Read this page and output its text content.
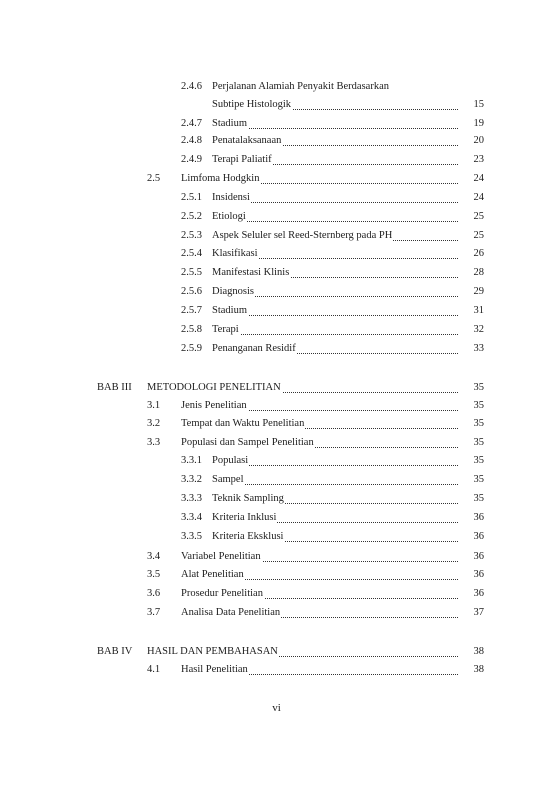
2.4.6 Perjalanan Alamiah Penyakit Berdasarkan
Subtipe Histologik	15
2.4.7 Stadium	19
2.4.8 Penatalaksanaan	20
2.4.9 Terapi Paliatif	23
2.5 Limfoma Hodgkin	24
2.5.1 Insidensi	24
2.5.2 Etiologi	25
2.5.3 Aspek Seluler sel Reed-Sternberg pada PH	25
2.5.4 Klasifikasi	26
2.5.5 Manifestasi Klinis	28
2.5.6 Diagnosis	29
2.5.7 Stadium	31
2.5.8 Terapi	32
2.5.9 Penanganan Residif	33
BAB III METODOLOGI PENELITIAN	35
3.1 Jenis Penelitian	35
3.2 Tempat dan Waktu Penelitian	35
3.3 Populasi dan Sampel Penelitian	35
3.3.1 Populasi	35
3.3.2 Sampel	35
3.3.3 Teknik Sampling	35
3.3.4 Kriteria Inklusi	36
3.3.5 Kriteria Eksklusi	36
3.4 Variabel Penelitian	36
3.5 Alat Penelitian	36
3.6 Prosedur Penelitian	36
3.7 Analisa Data Penelitian	37
BAB IV HASIL DAN PEMBAHASAN	38
4.1 Hasil Penelitian	38
vi
